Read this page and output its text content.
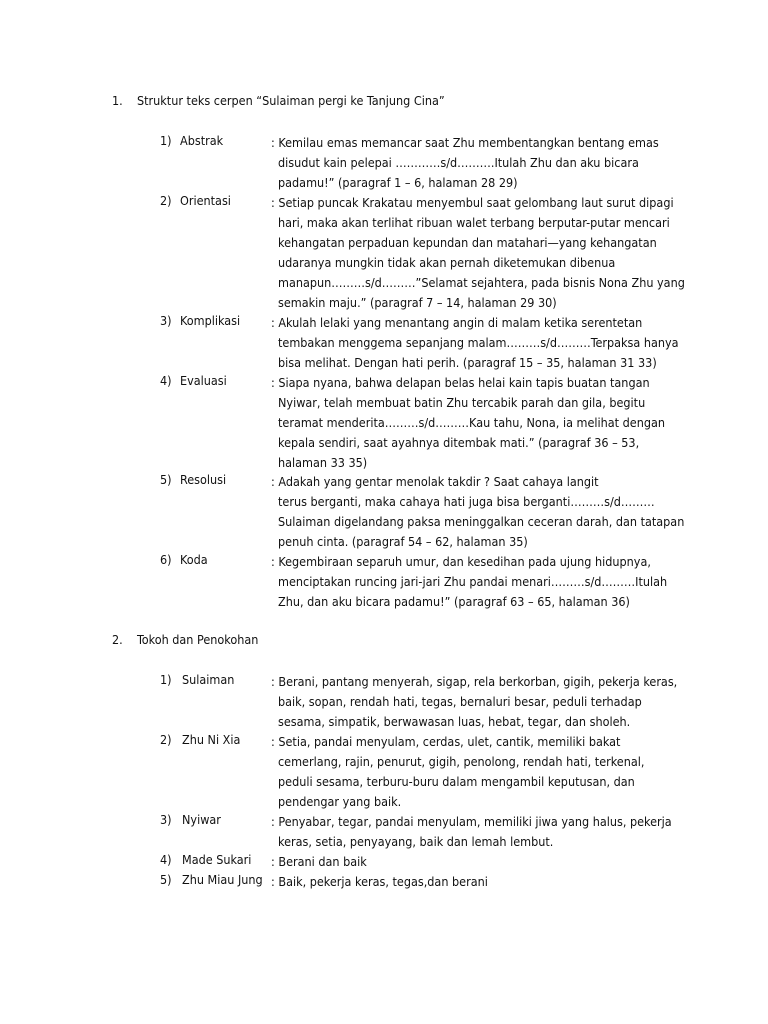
1. Struktur teks cerpen “Sulaiman pergi ke Tanjung Cina”
1) Abstrak	: Kemilau emas memancar saat Zhu membentangkan bentang emas
disudut kain pelepai …………s/d……….Itulah Zhu dan aku bicara
padamu!” (paragraf 1 – 6, halaman 28 29)
2) Orientasi	: Setiap puncak Krakatau menyembul saat gelombang laut surut dipagi
hari, maka akan terlihat ribuan walet terbang berputar-putar mencari
kehangatan perpaduan kepundan dan matahari—yang kehangatan
udaranya mungkin tidak akan pernah diketemukan dibenua
manapun………s/d………”Selamat sejahtera, pada bisnis Nona Zhu yang
semakin maju.” (paragraf 7 – 14, halaman 29 30)
3) Komplikasi : Akulah lelaki yang menantang angin di malam ketika serentetan
tembakan menggema sepanjang malam………s/d………Terpaksa hanya
bisa melihat. Dengan hati perih. (paragraf 15 – 35, halaman 31 33)
4) Evaluasi	: Siapa nyana, bahwa delapan belas helai kain tapis buatan tangan
Nyiwar, telah membuat batin Zhu tercabik parah dan gila, begitu
teramat menderita………s/d………Kau tahu, Nona, ia melihat dengan
kepala sendiri, saat ayahnya ditembak mati.” (paragraf 36 – 53,
halaman 33 35)
5) Resolusi	: Adakah yang gentar menolak takdir ? Saat cahaya langit
terus berganti, maka cahaya hati juga bisa berganti………s/d………
Sulaiman digelandang paksa meninggalkan ceceran darah, dan tatapan
penuh cinta. (paragraf 54 – 62, halaman 35)
6) Koda	: Kegembiraan separuh umur, dan kesedihan pada ujung hidupnya,
menciptakan runcing jari-jari Zhu pandai menari………s/d………Itulah
Zhu, dan aku bicara padamu!” (paragraf 63 – 65, halaman 36)
2. Tokoh dan Penokohan
1) Sulaiman	: Berani, pantang menyerah, sigap, rela berkorban, gigih, pekerja keras,
baik, sopan, rendah hati, tegas, bernaluri besar, peduli terhadap
sesama, simpatik, berwawasan luas, hebat, tegar, dan sholeh.
2) Zhu Ni Xia : Setia, pandai menyulam, cerdas, ulet, cantik, memiliki bakat
cemerlang, rajin, penurut, gigih, penolong, rendah hati, terkenal,
peduli sesama, terburu-buru dalam mengambil keputusan, dan
pendengar yang baik.
3) Nyiwar	: Penyabar, tegar, pandai menyulam, memiliki jiwa yang halus, pekerja
keras, setia, penyayang, baik dan lemah lembut.
4) Made Sukari : Berani dan baik
5) Zhu Miau Jung : Baik, pekerja keras, tegas,dan berani
